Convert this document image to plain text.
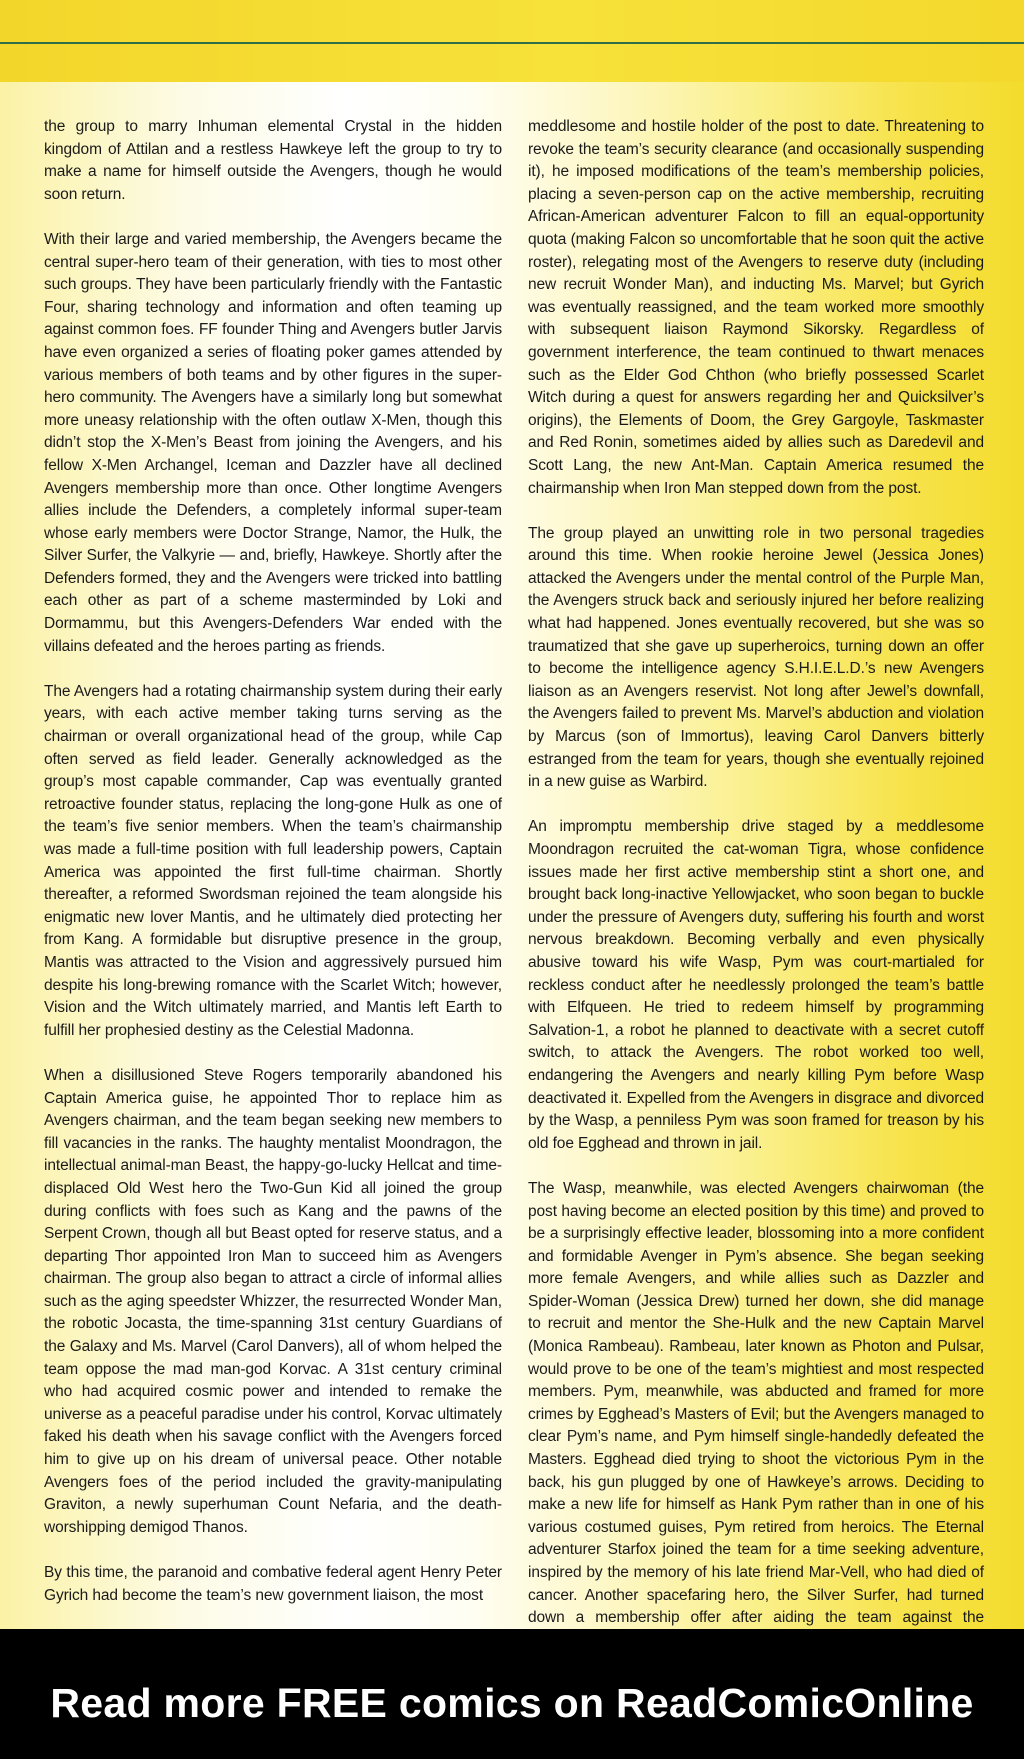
the group to marry Inhuman elemental Crystal in the hidden kingdom of Attilan and a restless Hawkeye left the group to try to make a name for himself outside the Avengers, though he would soon return.

With their large and varied membership, the Avengers became the central super-hero team of their generation, with ties to most other such groups. They have been particularly friendly with the Fantastic Four, sharing technology and information and often teaming up against common foes. FF founder Thing and Avengers butler Jarvis have even organized a series of floating poker games attended by various members of both teams and by other figures in the super-hero community. The Avengers have a similarly long but somewhat more uneasy relationship with the often outlaw X-Men, though this didn’t stop the X-Men’s Beast from joining the Avengers, and his fellow X-Men Archangel, Iceman and Dazzler have all declined Avengers membership more than once. Other longtime Avengers allies include the Defenders, a completely informal super-team whose early members were Doctor Strange, Namor, the Hulk, the Silver Surfer, the Valkyrie — and, briefly, Hawkeye. Shortly after the Defenders formed, they and the Avengers were tricked into battling each other as part of a scheme masterminded by Loki and Dormammu, but this Avengers-Defenders War ended with the villains defeated and the heroes parting as friends.

The Avengers had a rotating chairmanship system during their early years, with each active member taking turns serving as the chairman or overall organizational head of the group, while Cap often served as field leader. Generally acknowledged as the group’s most capable commander, Cap was eventually granted retroactive founder status, replacing the long-gone Hulk as one of the team’s five senior members. When the team’s chairmanship was made a full-time position with full leadership powers, Captain America was appointed the first full-time chairman. Shortly thereafter, a reformed Swordsman rejoined the team alongside his enigmatic new lover Mantis, and he ultimately died protecting her from Kang. A formidable but disruptive presence in the group, Mantis was attracted to the Vision and aggressively pursued him despite his long-brewing romance with the Scarlet Witch; however, Vision and the Witch ultimately married, and Mantis left Earth to fulfill her prophesied destiny as the Celestial Madonna.

When a disillusioned Steve Rogers temporarily abandoned his Captain America guise, he appointed Thor to replace him as Avengers chairman, and the team began seeking new members to fill vacancies in the ranks. The haughty mentalist Moondragon, the intellectual animal-man Beast, the happy-go-lucky Hellcat and time-displaced Old West hero the Two-Gun Kid all joined the group during conflicts with foes such as Kang and the pawns of the Serpent Crown, though all but Beast opted for reserve status, and a departing Thor appointed Iron Man to succeed him as Avengers chairman. The group also began to attract a circle of informal allies such as the aging speedster Whizzer, the resurrected Wonder Man, the robotic Jocasta, the time-spanning 31st century Guardians of the Galaxy and Ms. Marvel (Carol Danvers), all of whom helped the team oppose the mad man-god Korvac. A 31st century criminal who had acquired cosmic power and intended to remake the universe as a peaceful paradise under his control, Korvac ultimately faked his death when his savage conflict with the Avengers forced him to give up on his dream of universal peace. Other notable Avengers foes of the period included the gravity-manipulating Graviton, a newly superhuman Count Nefaria, and the death-worshipping demigod Thanos.

By this time, the paranoid and combative federal agent Henry Peter Gyrich had become the team’s new government liaison, the most

meddlesome and hostile holder of the post to date. Threatening to revoke the team’s security clearance (and occasionally suspending it), he imposed modifications of the team’s membership policies, placing a seven-person cap on the active membership, recruiting African-American adventurer Falcon to fill an equal-opportunity quota (making Falcon so uncomfortable that he soon quit the active roster), relegating most of the Avengers to reserve duty (including new recruit Wonder Man), and inducting Ms. Marvel; but Gyrich was eventually reassigned, and the team worked more smoothly with subsequent liaison Raymond Sikorsky. Regardless of government interference, the team continued to thwart menaces such as the Elder God Chthon (who briefly possessed Scarlet Witch during a quest for answers regarding her and Quicksilver’s origins), the Elements of Doom, the Grey Gargoyle, Taskmaster and Red Ronin, sometimes aided by allies such as Daredevil and Scott Lang, the new Ant-Man. Captain America resumed the chairmanship when Iron Man stepped down from the post.

The group played an unwitting role in two personal tragedies around this time. When rookie heroine Jewel (Jessica Jones) attacked the Avengers under the mental control of the Purple Man, the Avengers struck back and seriously injured her before realizing what had happened. Jones eventually recovered, but she was so traumatized that she gave up superheroics, turning down an offer to become the intelligence agency S.H.I.E.L.D.’s new Avengers liaison as an Avengers reservist. Not long after Jewel’s downfall, the Avengers failed to prevent Ms. Marvel’s abduction and violation by Marcus (son of Immortus), leaving Carol Danvers bitterly estranged from the team for years, though she eventually rejoined in a new guise as Warbird.

An impromptu membership drive staged by a meddlesome Moondragon recruited the cat-woman Tigra, whose confidence issues made her first active membership stint a short one, and brought back long-inactive Yellowjacket, who soon began to buckle under the pressure of Avengers duty, suffering his fourth and worst nervous breakdown. Becoming verbally and even physically abusive toward his wife Wasp, Pym was court-martialed for reckless conduct after he needlessly prolonged the team’s battle with Elfqueen. He tried to redeem himself by programming Salvation-1, a robot he planned to deactivate with a secret cutoff switch, to attack the Avengers. The robot worked too well, endangering the Avengers and nearly killing Pym before Wasp deactivated it. Expelled from the Avengers in disgrace and divorced by the Wasp, a penniless Pym was soon framed for treason by his old foe Egghead and thrown in jail.

The Wasp, meanwhile, was elected Avengers chairwoman (the post having become an elected position by this time) and proved to be a surprisingly effective leader, blossoming into a more confident and formidable Avenger in Pym’s absence. She began seeking more female Avengers, and while allies such as Dazzler and Spider-Woman (Jessica Drew) turned her down, she did manage to recruit and mentor the She-Hulk and the new Captain Marvel (Monica Rambeau). Rambeau, later known as Photon and Pulsar, would prove to be one of the team’s mightiest and most respected members. Pym, meanwhile, was abducted and framed for more crimes by Egghead’s Masters of Evil; but the Avengers managed to clear Pym’s name, and Pym himself single-handedly defeated the Masters. Egghead died trying to shoot the victorious Pym in the back, his gun plugged by one of Hawkeye’s arrows. Deciding to make a new life for himself as Hank Pym rather than in one of his various costumed guises, Pym retired from heroics. The Eternal adventurer Starfox joined the team for a time seeking adventure, inspired by the memory of his late friend Mar-Vell, who had died of cancer. Another spacefaring hero, the Silver Surfer, had turned down a membership offer after aiding the team against the

Read more FREE comics on ReadComicOnline
